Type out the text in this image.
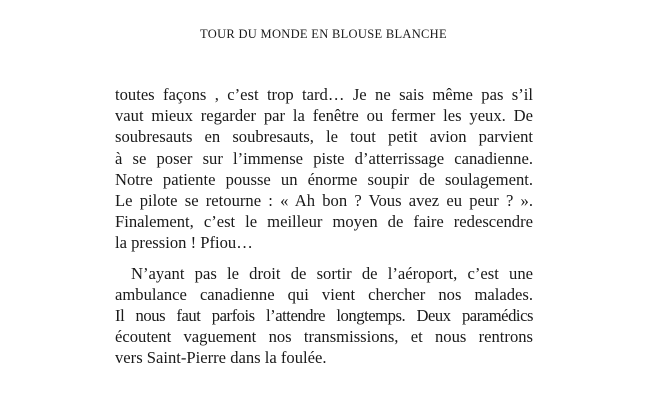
TOUR DU MONDE EN BLOUSE BLANCHE
toutes façons , c’est trop tard… Je ne sais même pas s’il
vaut mieux regarder par la fenêtre ou fermer les yeux. De
soubresauts en soubresauts, le tout petit avion parvient
à se poser sur l’immense piste d’atterrissage canadienne.
Notre patiente pousse un énorme soupir de soulagement.
Le pilote se retourne : « Ah bon ? Vous avez eu peur ? ».
Finalement, c’est le meilleur moyen de faire redescendre
la pression ! Pfiou…
N’ayant pas le droit de sortir de l’aéroport, c’est une
ambulance canadienne qui vient chercher nos malades.
Il nous faut parfois l’attendre longtemps. Deux paramédics
écoutent vaguement nos transmissions, et nous rentrons
vers Saint-Pierre dans la foulée.
